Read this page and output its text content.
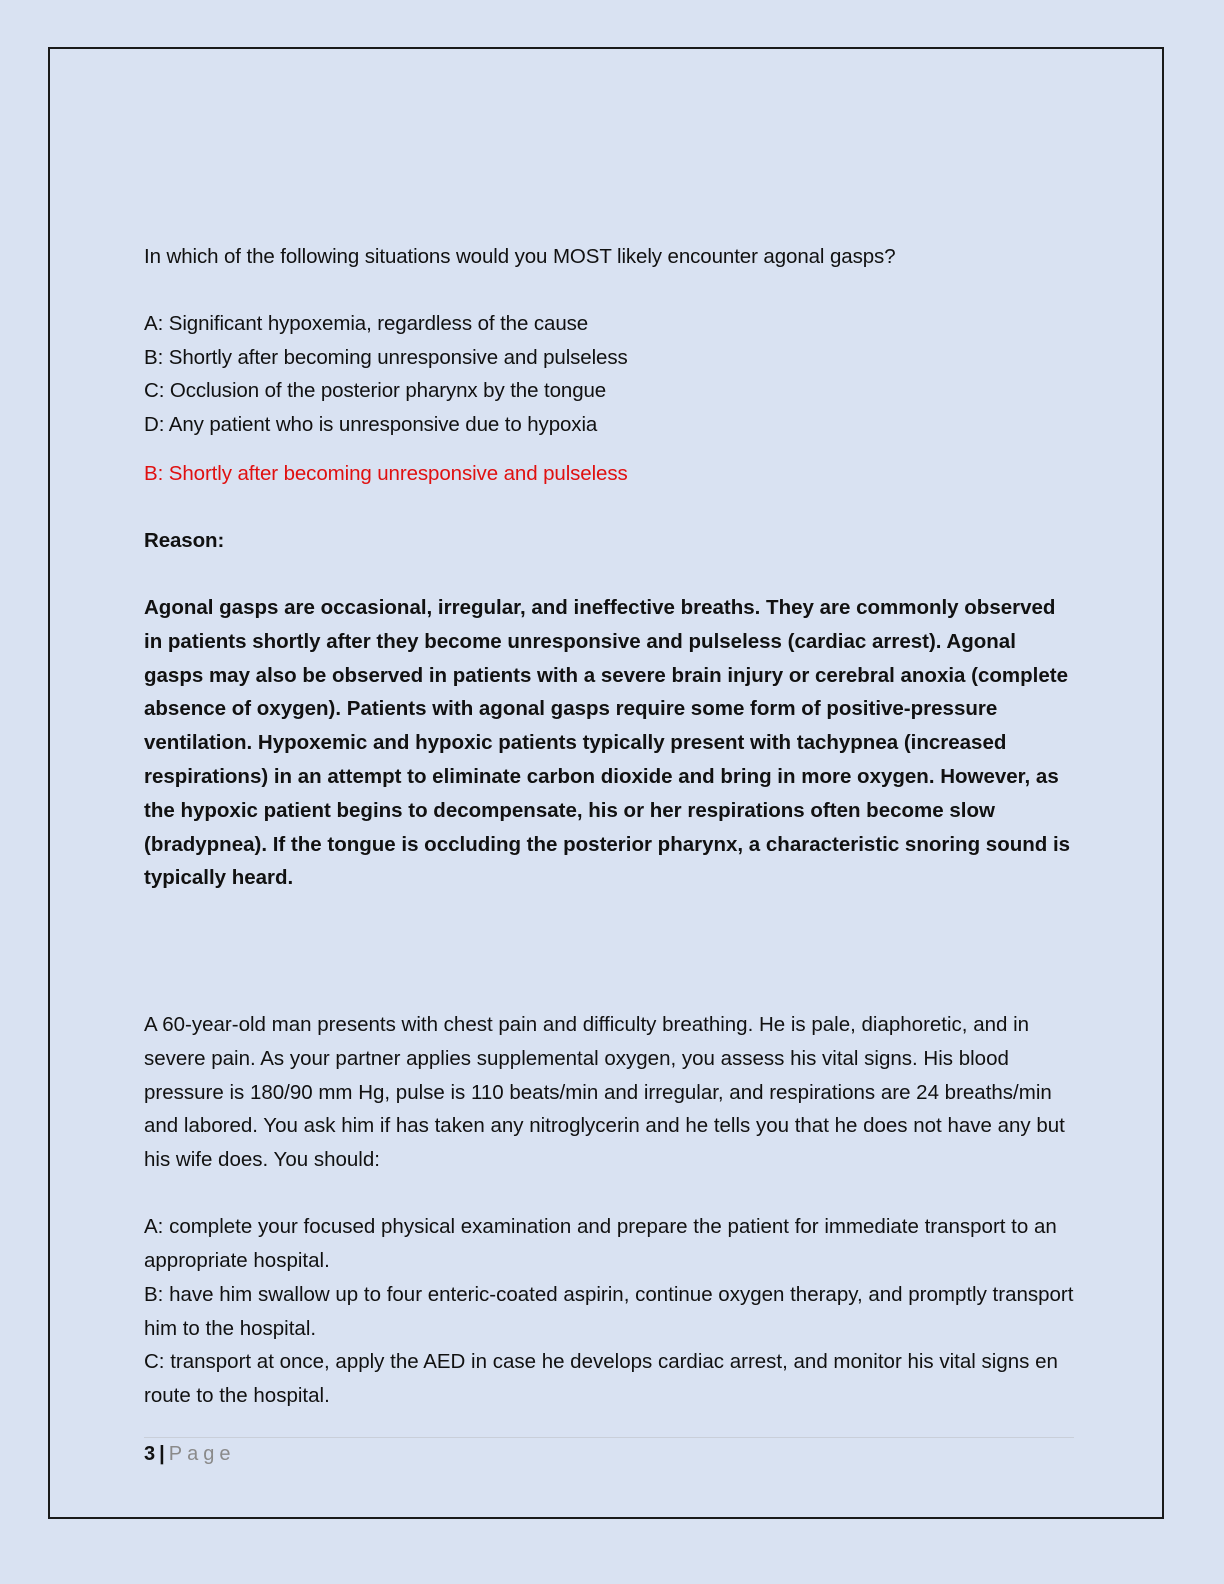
In which of the following situations would you MOST likely encounter agonal gasps?
A: Significant hypoxemia, regardless of the cause
B: Shortly after becoming unresponsive and pulseless
C: Occlusion of the posterior pharynx by the tongue
D: Any patient who is unresponsive due to hypoxia
B: Shortly after becoming unresponsive and pulseless
Reason:
Agonal gasps are occasional, irregular, and ineffective breaths. They are commonly observed in patients shortly after they become unresponsive and pulseless (cardiac arrest). Agonal gasps may also be observed in patients with a severe brain injury or cerebral anoxia (complete absence of oxygen). Patients with agonal gasps require some form of positive-pressure ventilation. Hypoxemic and hypoxic patients typically present with tachypnea (increased respirations) in an attempt to eliminate carbon dioxide and bring in more oxygen. However, as the hypoxic patient begins to decompensate, his or her respirations often become slow (bradypnea). If the tongue is occluding the posterior pharynx, a characteristic snoring sound is typically heard.
A 60-year-old man presents with chest pain and difficulty breathing. He is pale, diaphoretic, and in severe pain. As your partner applies supplemental oxygen, you assess his vital signs. His blood pressure is 180/90 mm Hg, pulse is 110 beats/min and irregular, and respirations are 24 breaths/min and labored. You ask him if has taken any nitroglycerin and he tells you that he does not have any but his wife does. You should:
A: complete your focused physical examination and prepare the patient for immediate transport to an appropriate hospital.
B: have him swallow up to four enteric-coated aspirin, continue oxygen therapy, and promptly transport him to the hospital.
C: transport at once, apply the AED in case he develops cardiac arrest, and monitor his vital signs en route to the hospital.
3 | Page
